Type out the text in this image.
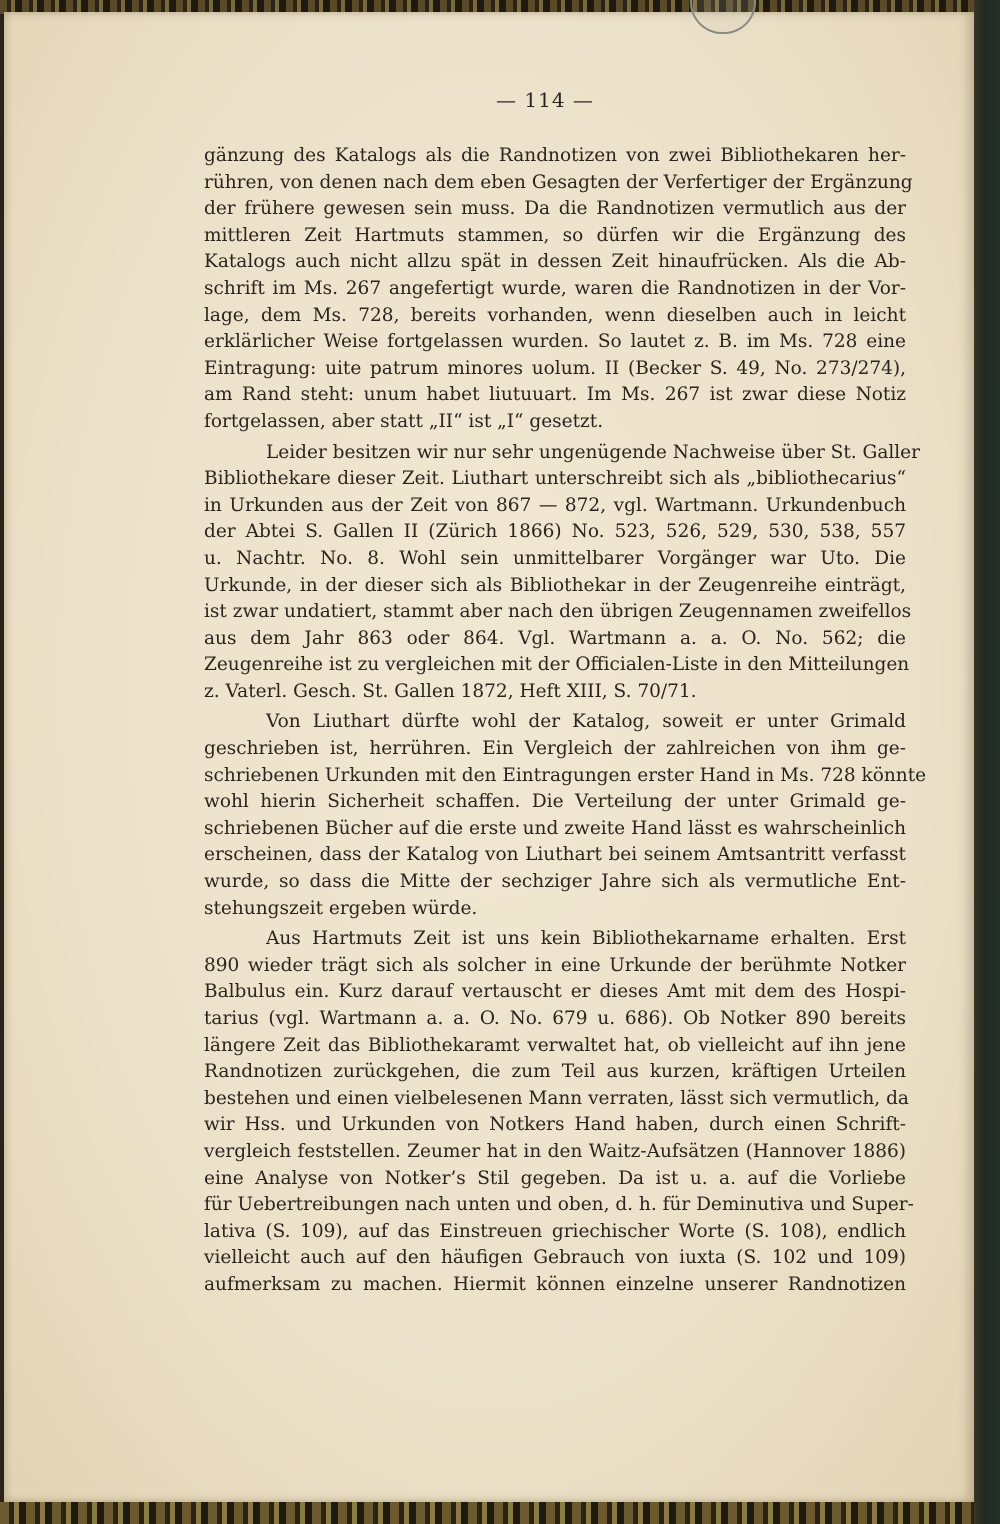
— 114 —
gänzung des Katalogs als die Randnotizen von zwei Bibliothekaren her-
rühren, von denen nach dem eben Gesagten der Verfertiger der Ergänzung
der frühere gewesen sein muss. Da die Randnotizen vermutlich aus der
mittleren Zeit Hartmuts stammen, so dürfen wir die Ergänzung des
Katalogs auch nicht allzu spät in dessen Zeit hinaufrücken. Als die Ab-
schrift im Ms. 267 angefertigt wurde, waren die Randnotizen in der Vor-
lage, dem Ms. 728, bereits vorhanden, wenn dieselben auch in leicht
erklärlicher Weise fortgelassen wurden. So lautet z. B. im Ms. 728 eine
Eintragung: uite patrum minores uolum. II (Becker S. 49, No. 273/274),
am Rand steht: unum habet liutuuart. Im Ms. 267 ist zwar diese Notiz
fortgelassen, aber statt „II“ ist „I“ gesetzt.
Leider besitzen wir nur sehr ungenügende Nachweise über St. Galler
Bibliothekare dieser Zeit. Liuthart unterschreibt sich als „bibliothecarius“
in Urkunden aus der Zeit von 867 — 872, vgl. Wartmann. Urkundenbuch
der Abtei S. Gallen II (Zürich 1866) No. 523, 526, 529, 530, 538, 557
u. Nachtr. No. 8. Wohl sein unmittelbarer Vorgänger war Uto. Die
Urkunde, in der dieser sich als Bibliothekar in der Zeugenreihe einträgt,
ist zwar undatiert, stammt aber nach den übrigen Zeugennamen zweifellos
aus dem Jahr 863 oder 864. Vgl. Wartmann a. a. O. No. 562; die
Zeugenreihe ist zu vergleichen mit der Officialen-Liste in den Mitteilungen
z. Vaterl. Gesch. St. Gallen 1872, Heft XIII, S. 70/71.
Von Liuthart dürfte wohl der Katalog, soweit er unter Grimald
geschrieben ist, herrühren. Ein Vergleich der zahlreichen von ihm ge-
schriebenen Urkunden mit den Eintragungen erster Hand in Ms. 728 könnte
wohl hierin Sicherheit schaffen. Die Verteilung der unter Grimald ge-
schriebenen Bücher auf die erste und zweite Hand lässt es wahrscheinlich
erscheinen, dass der Katalog von Liuthart bei seinem Amtsantritt verfasst
wurde, so dass die Mitte der sechziger Jahre sich als vermutliche Ent-
stehungszeit ergeben würde.
Aus Hartmuts Zeit ist uns kein Bibliothekarname erhalten. Erst
890 wieder trägt sich als solcher in eine Urkunde der berühmte Notker
Balbulus ein. Kurz darauf vertauscht er dieses Amt mit dem des Hospi-
tarius (vgl. Wartmann a. a. O. No. 679 u. 686). Ob Notker 890 bereits
längere Zeit das Bibliothekaramt verwaltet hat, ob vielleicht auf ihn jene
Randnotizen zurückgehen, die zum Teil aus kurzen, kräftigen Urteilen
bestehen und einen vielbelesenen Mann verraten, lässt sich vermutlich, da
wir Hss. und Urkunden von Notkers Hand haben, durch einen Schrift-
vergleich feststellen. Zeumer hat in den Waitz-Aufsätzen (Hannover 1886)
eine Analyse von Notker’s Stil gegeben. Da ist u. a. auf die Vorliebe
für Uebertreibungen nach unten und oben, d. h. für Deminutiva und Super-
lativa (S. 109), auf das Einstreuen griechischer Worte (S. 108), endlich
vielleicht auch auf den häufigen Gebrauch von iuxta (S. 102 und 109)
aufmerksam zu machen. Hiermit können einzelne unserer Randnotizen
